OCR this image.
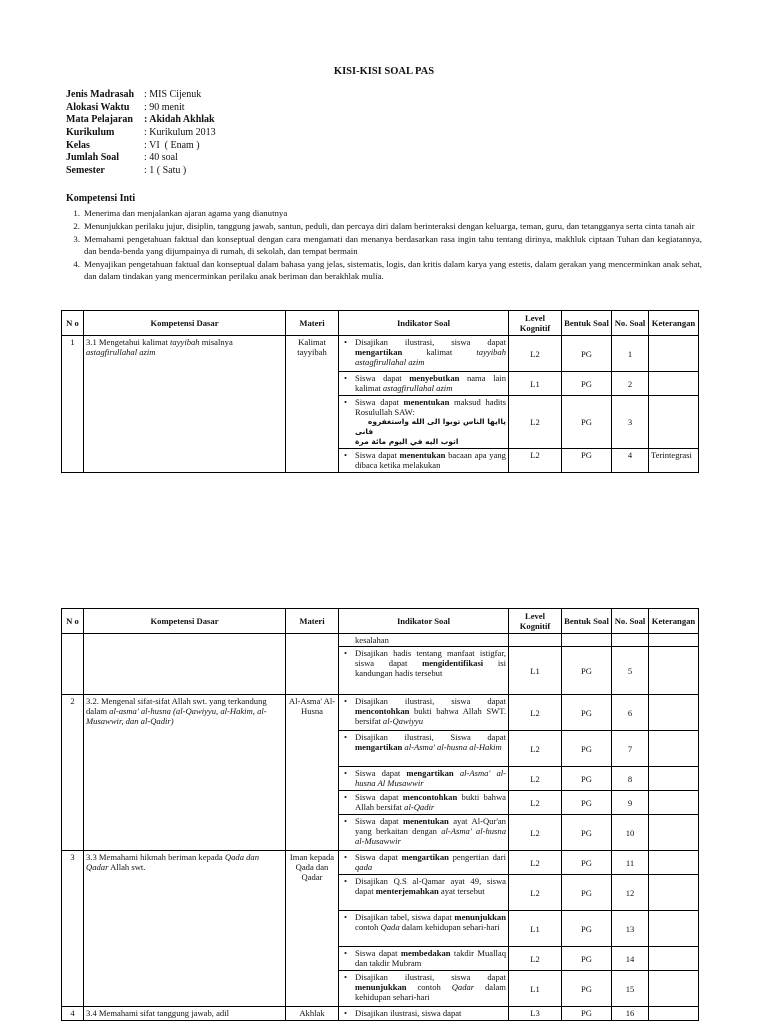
KISI-KISI SOAL PAS
Jenis Madrasah : MIS Cijenuk
Alokasi Waktu	: 90 menit
Mata Pelajaran	: Akidah Akhlak
Kurikulum	: Kurikulum 2013
Kelas	: VI  ( Enam )
Jumlah Soal	: 40 soal
Semester	: 1 ( Satu )
Kompetensi Inti
1. Menerima dan menjalankan ajaran agama yang dianutnya
2. Menunjukkan perilaku jujur, disiplin, tanggung jawab, santun, peduli, dan percaya diri dalam berinteraksi dengan keluarga, teman, guru, dan tetangganya serta cinta tanah air
3. Memahami pengetahuan faktual dan konseptual dengan cara mengamati dan menanya berdasarkan rasa ingin tahu tentang dirinya, makhluk ciptaan Tuhan dan kegiatannya, dan benda-benda yang dijumpainya di rumah, di sekolah, dan tempat bermain
4. Menyajikan pengetahuan faktual dan konseptual dalam bahasa yang jelas, sistematis, logis, dan kritis dalam karya yang estetis, dalam gerakan yang mencerminkan anak sehat, dan dalam tindakan yang mencerminkan perilaku anak beriman dan berakhlak mulia.
N o	Kompetensi Dasar	Materi	Indikator Soal	Level Kognitif	Bentuk Soal	No. Soal	Keterangan
1	3.1 Mengetahui kalimat tayyibah misalnya astagfirullahal azim	Kalimat tayyibah	• Disajikan ilustrasi, siswa dapat mengartikan kalimat tayyibah astagfirullahal azim	L2	PG	1	

			• Siswa dapat menyebutkan nama lain kalimat astagfirullahal azim	L1	PG	2	

			• Siswa dapat menentukan maksud hadits Rosulullah SAW:
ياايها الناس توبوا الى الله واستغفروه فانى
اتوب اليه في اليوم مائة مرة	L2	PG	3	

			• Siswa dapat menentukan bacaan apa yang dibaca ketika melakukan	L2	PG	4	Terintegrasi
N o	Kompetensi Dasar	Materi	Indikator Soal	Level Kognitif	Bentuk Soal	No. Soal	Keterangan
			kesalahan				

			• Disajikan hadis tentang manfaat istigfar, siswa dapat mengidentifikasi isi kandungan hadis tersebut	L1	PG	5	
2	3.2. Mengenal sifat-sifat Allah swt. yang terkandung dalam al-asma' al-husna (al-Qawiyyu, al-Hakim, al-Musawwir, dan al-Qadir)	Al-Asma' Al-Husna	• Disajikan ilustrasi, siswa dapat mencontohkan bukti bahwa Allah SWT. bersifat al-Qawiyyu	L2	PG	6	

			• Disajikan ilustrasi, Siswa dapat mengartikan al-Asma' al-husna al-Hakim	L2	PG	7	

			• Siswa dapat mengartikan al-Asma' al-husna Al Musawwir	L2	PG	8	

			• Siswa dapat mencontohkan bukti bahwa Allah bersifat al-Qadir	L2	PG	9	

			• Siswa dapat menentukan ayat Al-Qur'an yang berkaitan dengan al-Asma' al-husna al-Musawwir	L2	PG	10	
3	3.3 Memahami hikmah beriman kepada Qada dan Qadar Allah swt.	Iman kepada Qada dan Qadar	• Siswa dapat mengartikan pengertian dari qada	L2	PG	11	

			• Disajikan Q.S al-Qamar ayat 49, siswa dapat menterjemahkan ayat tersebut	L2	PG	12	

			• Disajikan tabel, siswa dapat menunjukkan contoh Qada dalam kehidupan sehari-hari	L1	PG	13	

			• Siswa dapat membedakan takdir Muallaq dan takdir Mubram	L2	PG	14	

			• Disajikan ilustrasi, siswa dapat menunjukkan contoh Qadar dalam kehidupan sehari-hari	L1	PG	15	
4	3.4 Memahami sifat tanggung jawab, adil	Akhlak	• Disajikan ilustrasi, siswa dapat	L3	PG	16	
